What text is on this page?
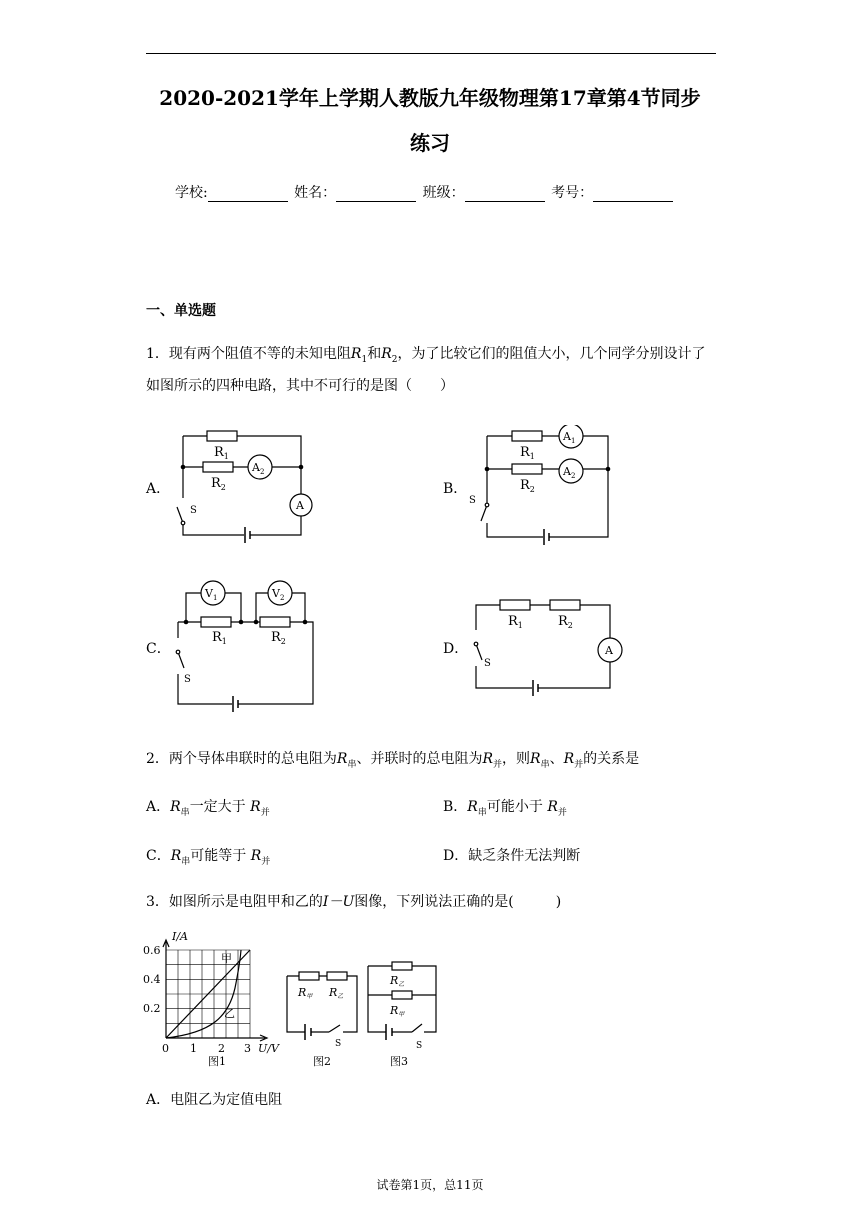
2020-2021学年上学期人教版九年级物理第17章第4节同步
练习
学校:	姓名：	班级：	考号：
一、单选题
1．现有两个阻值不等的未知电阻$R_1$和$R_2$，为了比较它们的阻值大小，几个同学分别设计了如图所示的四种电路，其中不可行的是图（　　）
A．	B．
C．	D．
$R_1$
$R_2$
$A_2$
A
S
$R_1$
$R_2$
$A_1$
$A_2$
S
$V_1$	$V_2$
$R_1$	$R_2$
S
$R_1$	$R_2$
A
S
2．两个导体串联时的总电阻为$R_串$、并联时的总电阻为$R_并$，则$R_串$、$R_并$的关系是
A．$R_串$一定大于 $R_并$	B．$R_串$可能小于 $R_并$
C．$R_串$可能等于 $R_并$	D．缺乏条件无法判断
3．如图所示是电阻甲和乙的I－U图像，下列说法正确的是(　　　)
I/A
0.6
0.4
0.2
0 1 2 3 U/V
甲
乙
图1
R甲 R乙
S
图2
R乙
R甲
S
图3
A．电阻乙为定值电阻
试卷第1页，总11页
